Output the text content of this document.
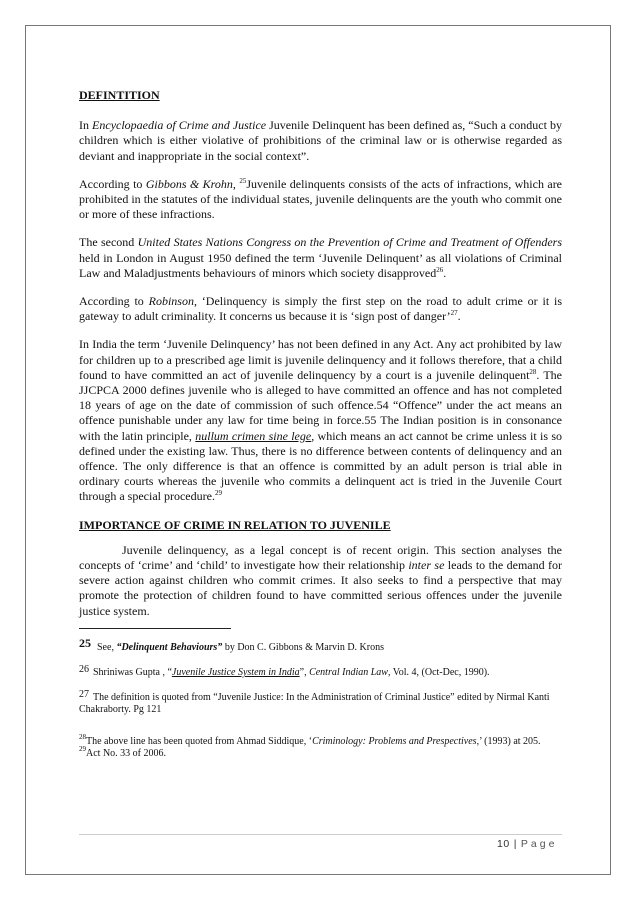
DEFINTITION

In Encyclopaedia of Crime and Justice Juvenile Delinquent has been defined as, “Such a conduct by children which is either violative of prohibitions of the criminal law or is otherwise regarded as deviant and inappropriate in the social context”.

According to Gibbons & Krohn, $^{25}$Juvenile delinquents consists of the acts of infractions, which are prohibited in the statutes of the individual states, juvenile delinquents are the youth who commit one or more of these infractions.

The second United States Nations Congress on the Prevention of Crime and Treatment of Offenders held in London in August 1950 defined the term ‘Juvenile Delinquent’ as all violations of Criminal Law and Maladjustments behaviours of minors which society disapproved$^{26}$.

According to Robinson, ‘Delinquency is simply the first step on the road to adult crime or it is gateway to adult criminality. It concerns us because it is ‘sign post of danger’$^{27}$.

In India the term ‘Juvenile Delinquency’ has not been defined in any Act. Any act prohibited by law for children up to a prescribed age limit is juvenile delinquency and it follows therefore, that a child found to have committed an act of juvenile delinquency by a court is a juvenile delinquent$^{28}$. The JJCPCA 2000 defines juvenile who is alleged to have committed an offence and has not completed 18 years of age on the date of commission of such offence.54 “Offence” under the act means an offence punishable under any law for time being in force.55 The Indian position is in consonance with the latin principle, nullum crimen sine lege, which means an act cannot be crime unless it is so defined under the existing law. Thus, there is no difference between contents of delinquency and an offence. The only difference is that an offence is committed by an adult person is trial able in ordinary courts whereas the juvenile who commits a delinquent act is tried in the Juvenile Court through a special procedure.$^{29}$

IMPORTANCE OF CRIME IN RELATION TO JUVENILE

Juvenile delinquency, as a legal concept is of recent origin. This section analyses the concepts of ‘crime’ and ‘child’ to investigate how their relationship inter se leads to the demand for severe action against children who commit crimes. It also seeks to find a perspective that may promote the protection of children found to have committed serious offences under the juvenile justice system.

25 See, “Delinquent Behaviours” by Don C. Gibbons & Marvin D. Krons
26 Shriniwas Gupta , “Juvenile Justice System in India”, Central Indian Law, Vol. 4, (Oct-Dec, 1990).
27 The definition is quoted from “Juvenile Justice: In the Administration of Criminal Justice” edited by Nirmal Kanti Chakraborty. Pg 121
$^{28}$The above line has been quoted from Ahmad Siddique, ‘Criminology: Problems and Prespectives,’ (1993) at 205.
$^{29}$Act No. 33 of 2006.
10 | Page
